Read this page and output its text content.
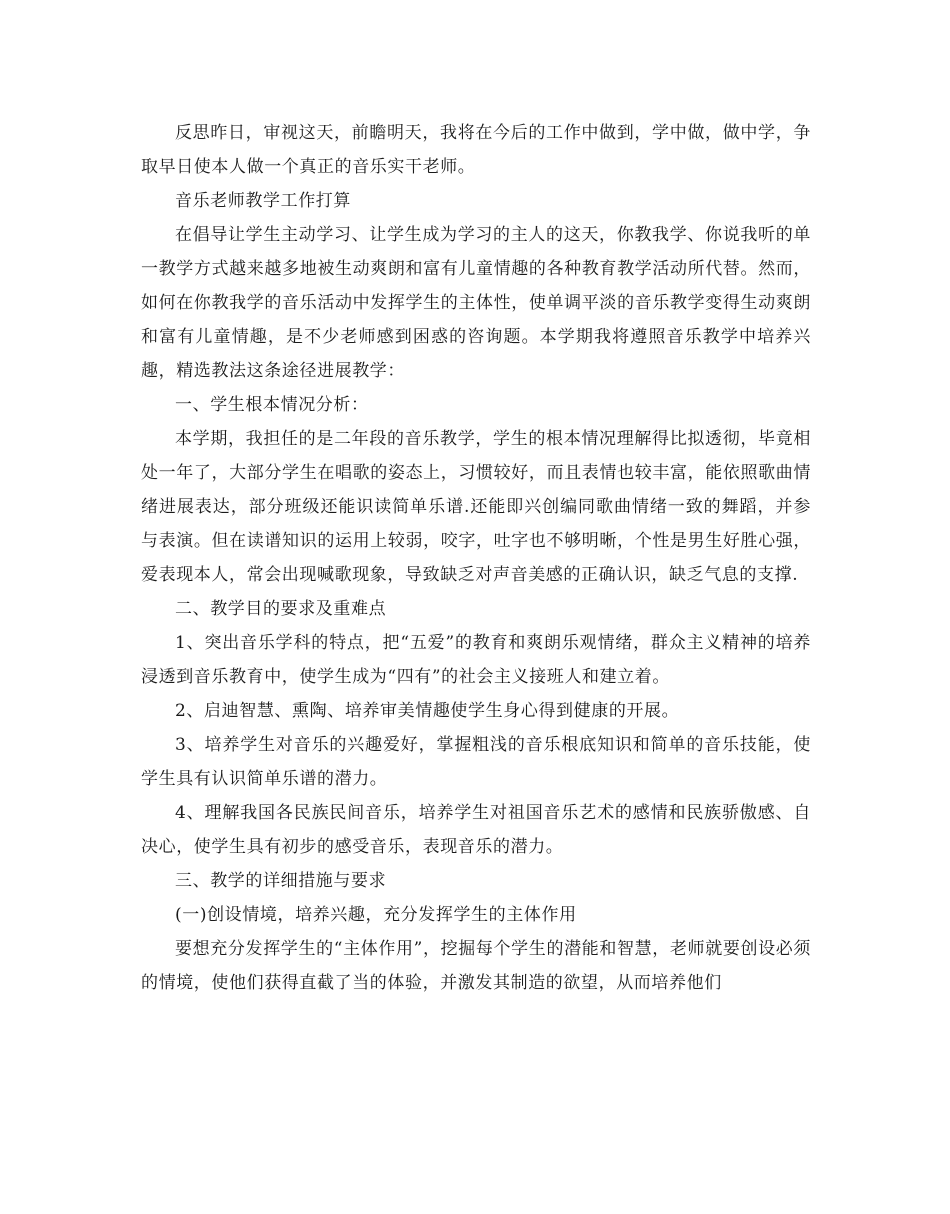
反思昨日，审视这天，前瞻明天，我将在今后的工作中做到，学中做，做中学，争取早日使本人做一个真正的音乐实干老师。

音乐老师教学工作打算

在倡导让学生主动学习、让学生成为学习的主人的这天，你教我学、你说我听的单一教学方式越来越多地被生动爽朗和富有儿童情趣的各种教育教学活动所代替。然而，如何在你教我学的音乐活动中发挥学生的主体性，使单调平淡的音乐教学变得生动爽朗和富有儿童情趣，是不少老师感到困惑的咨询题。本学期我将遵照音乐教学中培养兴趣，精选教法这条途径进展教学：

一、学生根本情况分析：

本学期，我担任的是二年段的音乐教学，学生的根本情况理解得比拟透彻，毕竟相处一年了，大部分学生在唱歌的姿态上，习惯较好，而且表情也较丰富，能依照歌曲情绪进展表达，部分班级还能识读简单乐谱.还能即兴创编同歌曲情绪一致的舞蹈，并参与表演。但在读谱知识的运用上较弱，咬字，吐字也不够明晰，个性是男生好胜心强，爱表现本人，常会出现喊歌现象，导致缺乏对声音美感的正确认识，缺乏气息的支撑.

二、教学目的要求及重难点

1、突出音乐学科的特点，把“五爱”的教育和爽朗乐观情绪，群众主义精神的培养浸透到音乐教育中，使学生成为“四有”的社会主义接班人和建立着。

2、启迪智慧、熏陶、培养审美情趣使学生身心得到健康的开展。

3、培养学生对音乐的兴趣爱好，掌握粗浅的音乐根底知识和简单的音乐技能，使学生具有认识简单乐谱的潜力。

4、理解我国各民族民间音乐，培养学生对祖国音乐艺术的感情和民族骄傲感、自决心，使学生具有初步的感受音乐，表现音乐的潜力。

三、教学的详细措施与要求

(一)创设情境，培养兴趣，充分发挥学生的主体作用

要想充分发挥学生的“主体作用”，挖掘每个学生的潜能和智慧，老师就要创设必须的情境，使他们获得直截了当的体验，并激发其制造的欲望，从而培养他们
